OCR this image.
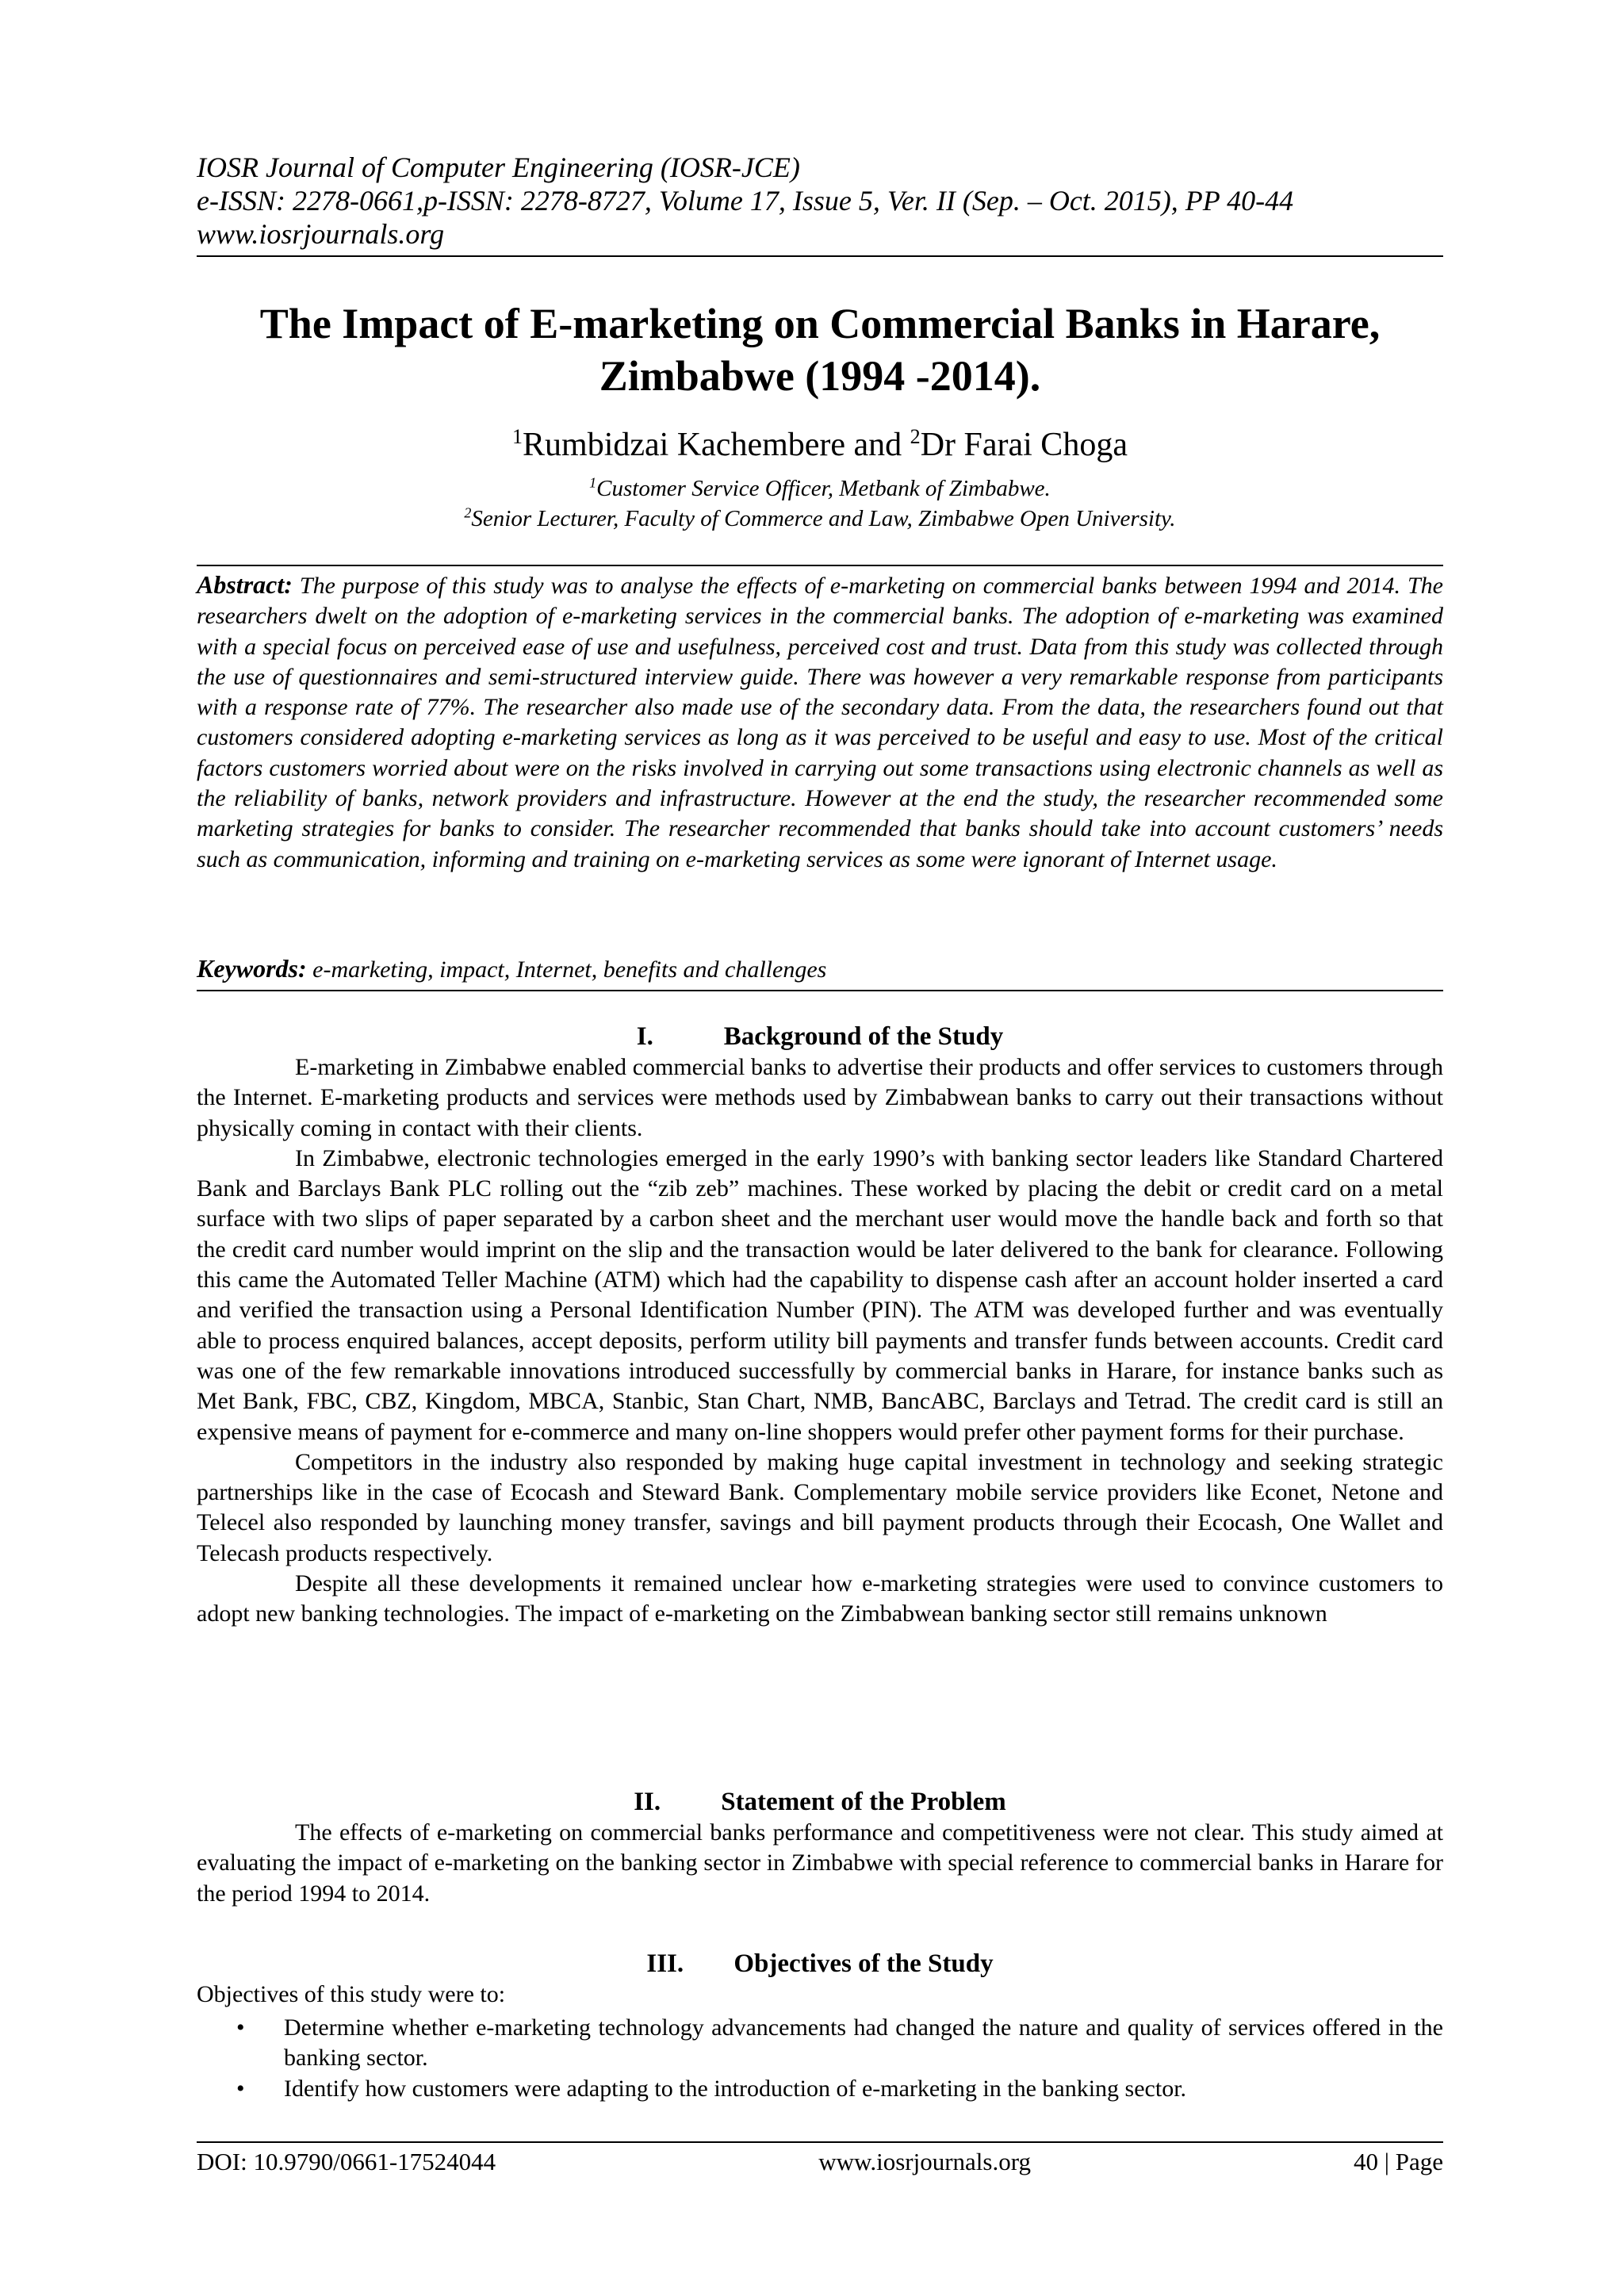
IOSR Journal of Computer Engineering (IOSR-JCE)
e-ISSN: 2278-0661,p-ISSN: 2278-8727, Volume 17, Issue 5, Ver. II (Sep. – Oct. 2015), PP 40-44
www.iosrjournals.org
The Impact of E-marketing on Commercial Banks in Harare,
Zimbabwe (1994 -2014).
$^1$Rumbidzai Kachembere and $^2$Dr Farai Choga
$^1$Customer Service Officer, Metbank of Zimbabwe.
$^2$Senior Lecturer, Faculty of Commerce and Law, Zimbabwe Open University.
Abstract: The purpose of this study was to analyse the effects of e-marketing on commercial banks between 1994 and 2014. The researchers dwelt on the adoption of e-marketing services in the commercial banks. The adoption of e-marketing was examined with a special focus on perceived ease of use and usefulness, perceived cost and trust. Data from this study was collected through the use of questionnaires and semi-structured interview guide. There was however a very remarkable response from participants with a response rate of 77%. The researcher also made use of the secondary data. From the data, the researchers found out that customers considered adopting e-marketing services as long as it was perceived to be useful and easy to use. Most of the critical factors customers worried about were on the risks involved in carrying out some transactions using electronic channels as well as the reliability of banks, network providers and infrastructure. However at the end the study, the researcher recommended some marketing strategies for banks to consider. The researcher recommended that banks should take into account customers’ needs such as communication, informing and training on e-marketing services as some were ignorant of Internet usage.
Keywords: e-marketing, impact, Internet, benefits and challenges
I.	Background of the Study

E-marketing in Zimbabwe enabled commercial banks to advertise their products and offer services to customers through the Internet. E-marketing products and services were methods used by Zimbabwean banks to carry out their transactions without physically coming in contact with their clients.

In Zimbabwe, electronic technologies emerged in the early 1990’s with banking sector leaders like Standard Chartered Bank and Barclays Bank PLC rolling out the “zib zeb” machines. These worked by placing the debit or credit card on a metal surface with two slips of paper separated by a carbon sheet and the merchant user would move the handle back and forth so that the credit card number would imprint on the slip and the transaction would be later delivered to the bank for clearance. Following this came the Automated Teller Machine (ATM) which had the capability to dispense cash after an account holder inserted a card and verified the transaction using a Personal Identification Number (PIN). The ATM was developed further and was eventually able to process enquired balances, accept deposits, perform utility bill payments and transfer funds between accounts. Credit card was one of the few remarkable innovations introduced successfully by commercial banks in Harare, for instance banks such as Met Bank, FBC, CBZ, Kingdom, MBCA, Stanbic, Stan Chart, NMB, BancABC, Barclays and Tetrad. The credit card is still an expensive means of payment for e-commerce and many on-line shoppers would prefer other payment forms for their purchase.

Competitors in the industry also responded by making huge capital investment in technology and seeking strategic partnerships like in the case of Ecocash and Steward Bank. Complementary mobile service providers like Econet, Netone and Telecel also responded by launching money transfer, savings and bill payment products through their Ecocash, One Wallet and Telecash products respectively.

Despite all these developments it remained unclear how e-marketing strategies were used to convince customers to adopt new banking technologies. The impact of e-marketing on the Zimbabwean banking sector still remains unknown

II. Statement of the Problem

The effects of e-marketing on commercial banks performance and competitiveness were not clear. This study aimed at evaluating the impact of e-marketing on the banking sector in Zimbabwe with special reference to commercial banks in Harare for the period 1994 to 2014.

III. Objectives of the Study

Objectives of this study were to:

• Determine whether e-marketing technology advancements had changed the nature and quality of services offered in the banking sector.
• Identify how customers were adapting to the introduction of e-marketing in the banking sector.
DOI: 10.9790/0661-17524044	www.iosrjournals.org	40 | Page
